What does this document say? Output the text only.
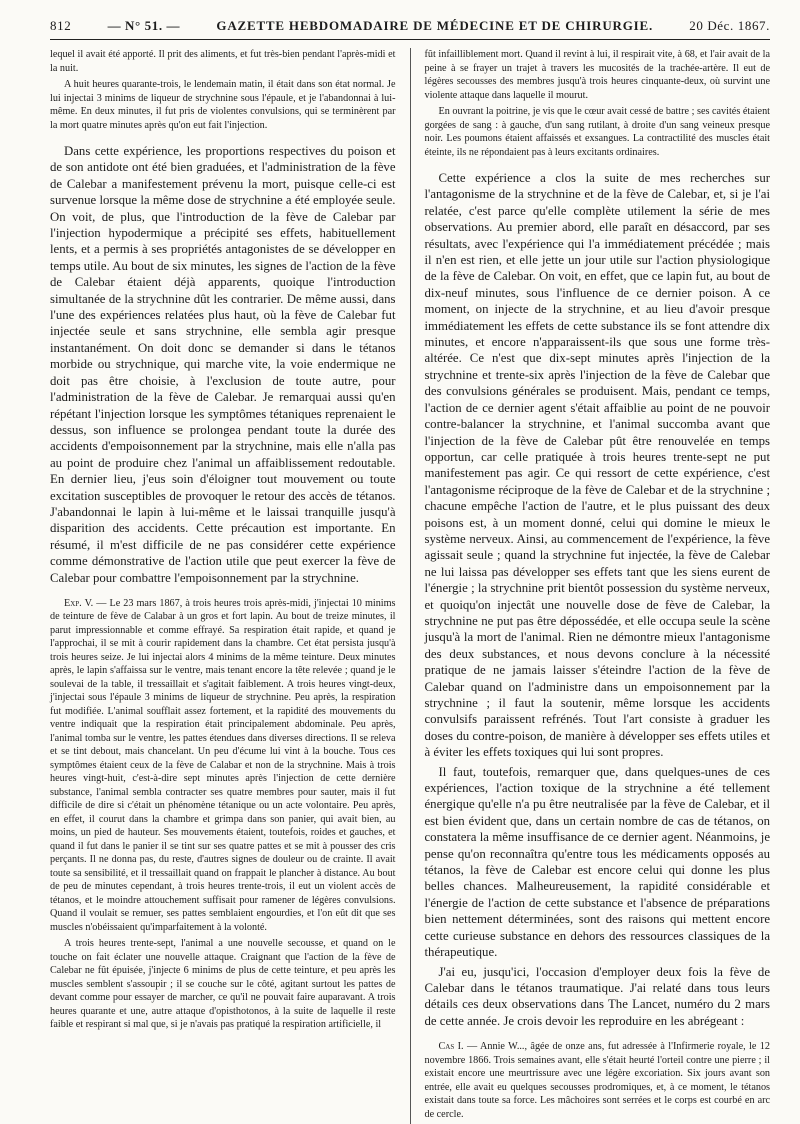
812	— N° 51. —	GAZETTE HEBDOMADAIRE DE MÉDECINE ET DE CHIRURGIE.	20 Déc. 1867.

lequel il avait été apporté. Il prit des aliments, et fut très-bien pendant l'après-midi et la nuit.

A huit heures quarante-trois, le lendemain matin, il était dans son état normal. Je lui injectai 3 minims de liqueur de strychnine sous l'épaule, et je l'abandonnai à lui-même. En deux minutes, il fut pris de violentes convulsions, qui se terminèrent par la mort quatre minutes après qu'on eut fait l'injection.

Dans cette expérience, les proportions respectives du poison et de son antidote ont été bien graduées, et l'administration de la fève de Calebar a manifestement prévenu la mort, puisque celle-ci est survenue lorsque la même dose de strychnine a été employée seule. On voit, de plus, que l'introduction de la fève de Calebar par l'injection hypodermique a précipité ses effets, habituellement lents, et a permis à ses propriétés antagonistes de se développer en temps utile. Au bout de six minutes, les signes de l'action de la fève de Calebar étaient déjà apparents, quoique l'introduction simultanée de la strychnine dût les contrarier. De même aussi, dans l'une des expériences relatées plus haut, où la fève de Calebar fut injectée seule et sans strychnine, elle sembla agir presque instantanément. On doit donc se demander si dans le tétanos morbide ou strychnique, qui marche vite, la voie endermique ne doit pas être choisie, à l'exclusion de toute autre, pour l'administration de la fève de Calebar. Je remarquai aussi qu'en répétant l'injection lorsque les symptômes tétaniques reprenaient le dessus, son influence se prolongea pendant toute la durée des accidents d'empoisonnement par la strychnine, mais elle n'alla pas au point de produire chez l'animal un affaiblissement redoutable. En dernier lieu, j'eus soin d'éloigner tout mouvement ou toute excitation susceptibles de provoquer le retour des accès de tétanos. J'abandonnai le lapin à lui-même et le laissai tranquille jusqu'à disparition des accidents. Cette précaution est importante. En résumé, il m'est difficile de ne pas considérer cette expérience comme démonstrative de l'action utile que peut exercer la fève de Calebar pour combattre l'empoisonnement par la strychnine.

Exp. V. — Le 23 mars 1867, à trois heures trois après-midi, j'injectai 10 minims de teinture de fève de Calabar à un gros et fort lapin. Au bout de treize minutes, il parut impressionnable et comme effrayé. Sa respiration était rapide, et quand je l'approchai, il se mit à courir rapidement dans la chambre. Cet état persista jusqu'à trois heures seize. Je lui injectai alors 4 minims de la même teinture. Deux minutes après, le lapin s'affaissa sur le ventre, mais tenant encore la tête relevée ; quand je le soulevai de la table, il tressaillait et s'agitait faiblement. A trois heures vingt-deux, j'injectai sous l'épaule 3 minims de liqueur de strychnine. Peu après, la respiration fut modifiée. L'animal soufflait assez fortement, et la rapidité des mouvements du ventre indiquait que la respiration était principalement abdominale. Peu après, l'animal tomba sur le ventre, les pattes étendues dans diverses directions. Il se releva et se tint debout, mais chancelant. Un peu d'écume lui vint à la bouche. Tous ces symptômes étaient ceux de la fève de Calabar et non de la strychnine. Mais à trois heures vingt-huit, c'est-à-dire sept minutes après l'injection de cette dernière substance, l'animal sembla contracter ses quatre membres pour sauter, mais il fut difficile de dire si c'était un phénomène tétanique ou un acte volontaire. Peu après, en effet, il courut dans la chambre et grimpa dans son panier, qui avait bien, au moins, un pied de hauteur. Ses mouvements étaient, toutefois, roides et gauches, et quand il fut dans le panier il se tint sur ses quatre pattes et se mit à pousser des cris perçants. Il ne donna pas, du reste, d'autres signes de douleur ou de crainte. Il avait toute sa sensibilité, et il tressaillait quand on frappait le plancher à distance. Au bout de peu de minutes cependant, à trois heures trente-trois, il eut un violent accès de tétanos, et le moindre attouchement suffisait pour ramener de légères convulsions. Quand il voulait se remuer, ses pattes semblaient engourdies, et l'on eût dit que ses muscles n'obéissaient qu'imparfaitement à la volonté.

A trois heures trente-sept, l'animal a une nouvelle secousse, et quand on le touche on fait éclater une nouvelle attaque. Craignant que l'action de la fève de Calebar ne fût épuisée, j'injecte 6 minims de plus de cette teinture, et peu après les muscles semblent s'assoupir ; il se couche sur le côté, agitant surtout les pattes de devant comme pour essayer de marcher, ce qu'il ne pouvait faire auparavant. A trois heures quarante et une, autre attaque d'opisthotonos, à la suite de laquelle il reste faible et respirant si mal que, si je n'avais pas pratiqué la respiration artificielle, il

fût infailliblement mort. Quand il revint à lui, il respirait vite, à 68, et l'air avait de la peine à se frayer un trajet à travers les mucosités de la trachée-artère. Il eut de légères secousses des membres jusqu'à trois heures cinquante-deux, où survint une violente attaque dans laquelle il mourut.

En ouvrant la poitrine, je vis que le cœur avait cessé de battre ; ses cavités étaient gorgées de sang : à gauche, d'un sang rutilant, à droite d'un sang veineux presque noir. Les poumons étaient affaissés et exsangues. La contractilité des muscles était éteinte, ils ne répondaient pas à leurs excitants ordinaires.

Cette expérience a clos la suite de mes recherches sur l'antagonisme de la strychnine et de la fève de Calebar, et, si je l'ai relatée, c'est parce qu'elle complète utilement la série de mes observations. Au premier abord, elle paraît en désaccord, par ses résultats, avec l'expérience qui l'a immédiatement précédée ; mais il n'en est rien, et elle jette un jour utile sur l'action physiologique de la fève de Calebar. On voit, en effet, que ce lapin fut, au bout de dix-neuf minutes, sous l'influence de ce dernier poison. A ce moment, on injecte de la strychnine, et au lieu d'avoir presque immédiatement les effets de cette substance ils se font attendre dix minutes, et encore n'apparaissent-ils que sous une forme très-altérée. Ce n'est que dix-sept minutes après l'injection de la strychnine et trente-six après l'injection de la fève de Calebar que des convulsions générales se produisent. Mais, pendant ce temps, l'action de ce dernier agent s'était affaiblie au point de ne pouvoir contre-balancer la strychnine, et l'animal succomba avant que l'injection de la fève de Calebar pût être renouvelée en temps opportun, car celle pratiquée à trois heures trente-sept ne put manifestement pas agir. Ce qui ressort de cette expérience, c'est l'antagonisme réciproque de la fève de Calebar et de la strychnine ; chacune empêche l'action de l'autre, et le plus puissant des deux poisons est, à un moment donné, celui qui domine le mieux le système nerveux. Ainsi, au commencement de l'expérience, la fève agissait seule ; quand la strychnine fut injectée, la fève de Calebar ne lui laissa pas développer ses effets tant que les siens eurent de l'énergie ; la strychnine prit bientôt possession du système nerveux, et quoiqu'on injectât une nouvelle dose de fève de Calebar, la strychnine ne put pas être dépossédée, et elle occupa seule la scène jusqu'à la mort de l'animal. Rien ne démontre mieux l'antagonisme des deux substances, et nous devons conclure à la nécessité pratique de ne jamais laisser s'éteindre l'action de la fève de Calebar quand on l'administre dans un empoisonnement par la strychnine ; il faut la soutenir, même lorsque les accidents convulsifs paraissent refrénés. Tout l'art consiste à graduer les doses du contre-poison, de manière à développer ses effets utiles et à éviter les effets toxiques qui lui sont propres.

Il faut, toutefois, remarquer que, dans quelques-unes de ces expériences, l'action toxique de la strychnine a été tellement énergique qu'elle n'a pu être neutralisée par la fève de Calebar, et il est bien évident que, dans un certain nombre de cas de tétanos, on constatera la même insuffisance de ce dernier agent. Néanmoins, je pense qu'on reconnaîtra qu'entre tous les médicaments opposés au tétanos, la fève de Calebar est encore celui qui donne les plus belles chances. Malheureusement, la rapidité considérable et l'énergie de l'action de cette substance et l'absence de préparations bien nettement déterminées, sont des raisons qui mettent encore cette curieuse substance en dehors des ressources classiques de la thérapeutique.

J'ai eu, jusqu'ici, l'occasion d'employer deux fois la fève de Calebar dans le tétanos traumatique. J'ai relaté dans tous leurs détails ces deux observations dans The Lancet, numéro du 2 mars de cette année. Je crois devoir les reproduire en les abrégeant :

Cas I. — Annie W..., âgée de onze ans, fut adressée à l'Infirmerie royale, le 12 novembre 1866. Trois semaines avant, elle s'était heurté l'orteil contre une pierre ; il existait encore une meurtrissure avec une légère excoriation. Six jours avant son entrée, elle avait eu quelques secousses prodromiques, et, à ce moment, le tétanos existait dans toute sa force. Les mâchoires sont serrées et le corps est courbé en arc de cercle.
